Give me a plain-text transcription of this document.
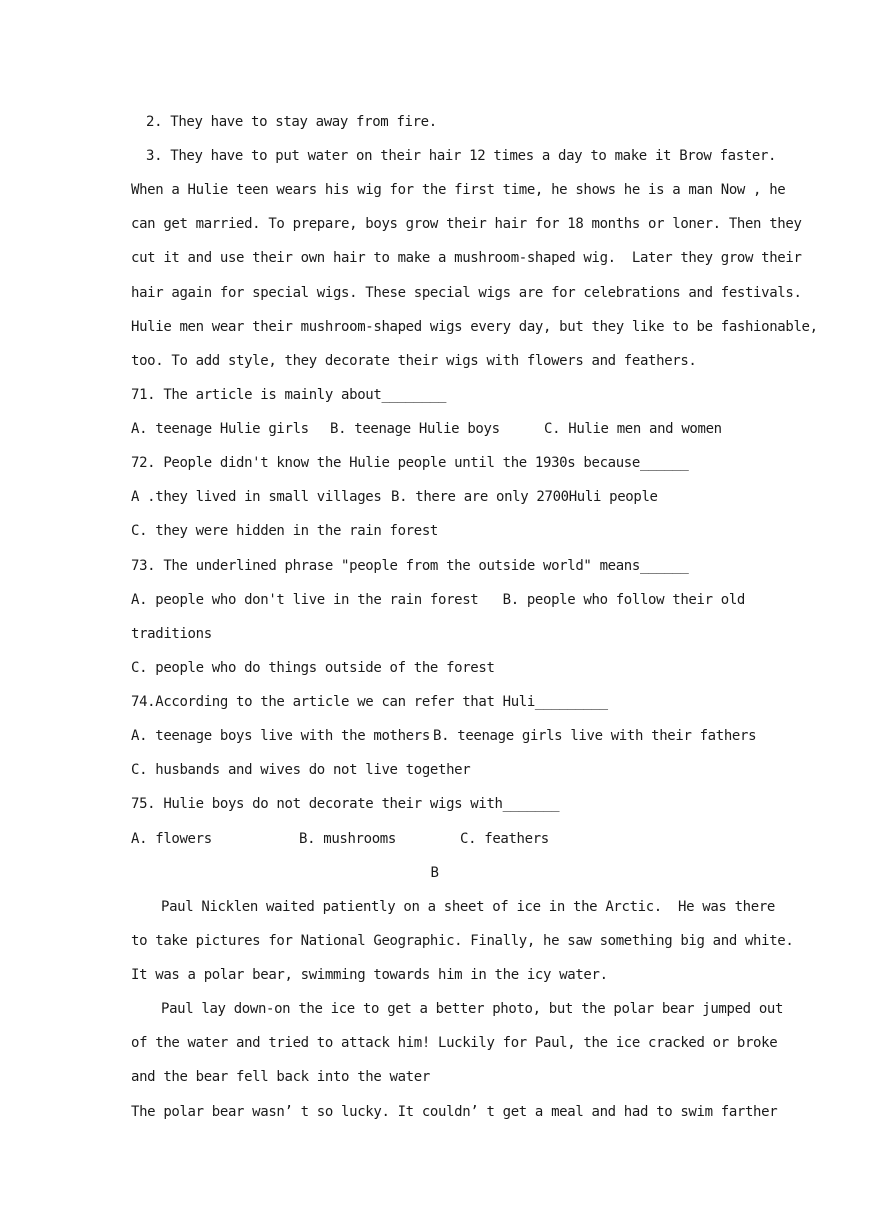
2. They have to stay away from fire.
3. They have to put water on their hair 12 times a day to make it Brow faster.
When a Hulie teen wears his wig for the first time, he shows he is a man Now , he
can get married. To prepare, boys grow their hair for 18 months or loner. Then they
cut it and use their own hair to make a mushroom-shaped wig.  Later they grow their
hair again for special wigs. These special wigs are for celebrations and festivals.
Hulie men wear their mushroom-shaped wigs every day, but they like to be fashionable,
too. To add style, they decorate their wigs with flowers and feathers.
71. The article is mainly about________
A. teenage Hulie girls B. teenage Hulie boys	C. Hulie men and women
72. People didn't know the Hulie people until the 1930s because______
A .they lived in small villages B. there are only 2700Huli people
C. they were hidden in the rain forest
73. The underlined phrase "people from the outside world" means______
A. people who don't live in the rain forest   B. people who follow their old
traditions
C. people who do things outside of the forest
74.According to the article we can refer that Huli_________
A. teenage boys live with the mothers B. teenage girls live with their fathers
C. husbands and wives do not live together
75. Hulie boys do not decorate their wigs with_______
A. flowers	B. mushrooms	C. feathers
B
Paul Nicklen waited patiently on a sheet of ice in the Arctic.  He was there
to take pictures for National Geographic. Finally, he saw something big and white.
It was a polar bear, swimming towards him in the icy water.
Paul lay down-on the ice to get a better photo, but the polar bear jumped out
of the water and tried to attack him! Luckily for Paul, the ice cracked or broke
and the bear fell back into the water
The polar bear wasn’ t so lucky. It couldn’ t get a meal and had to swim farther
